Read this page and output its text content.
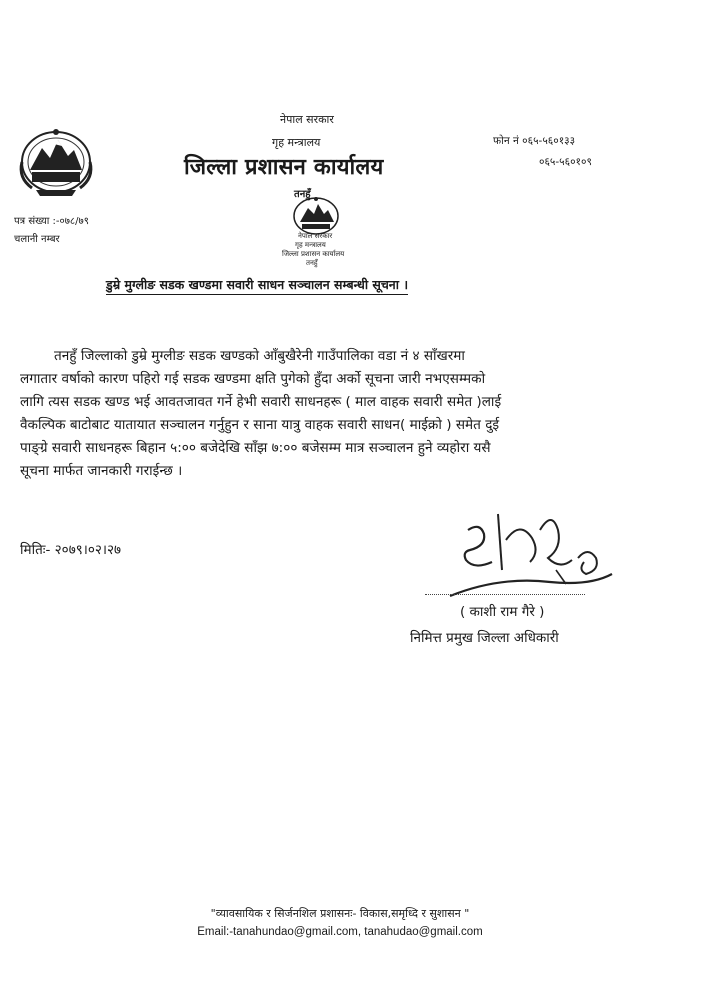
नेपाल सरकार
गृह मन्त्रालय
जिल्ला प्रशासन कार्यालय
फोन नं ०६५-५६०१३३
०६५-५६०१०९
पत्र संख्या :-०७८/७९
चलानी नम्बर
तनहुँ
नेपाल सरकार
गृह मन्त्रालय
जिल्ला प्रशासन कार्यालय
तनहुँ
डुम्रे मुग्लीङ सडक खण्डमा सवारी साधन सञ्चालन सम्बन्धी सूचना ।
तनहुँ जिल्लाको डुम्रे मुग्लीङ सडक खण्डको आँबुखैरेनी गाउँपालिका वडा नं ४ साँखरमा
लगातार वर्षाको कारण पहिरो गई सडक खण्डमा क्षति पुगेको हुँदा अर्को सूचना जारी नभएसम्मको
लागि त्यस सडक खण्ड भई आवतजावत गर्ने हेभी सवारी साधनहरू ( माल वाहक सवारी समेत )लाई
वैकल्पिक बाटोबाट यातायात सञ्चालन गर्नुहुन र साना यात्रु वाहक सवारी साधन( माईक्रो ) समेत दुई
पाङ्ग्रे सवारी साधनहरू बिहान ५:०० बजेदेखि साँझ ७:०० बजेसम्म मात्र सञ्चालन हुने व्यहोरा यसै
सूचना मार्फत जानकारी गराईन्छ ।
मितिः- २०७९।०२।२७
( काशी राम गैरे )
निमित्त प्रमुख जिल्ला अधिकारी
"व्यावसायिक र सिर्जनशिल प्रशासनः- विकास,समृध्दि र सुशासन "
Email:-tanahundao@gmail.com, tanahudao@gmail.com
